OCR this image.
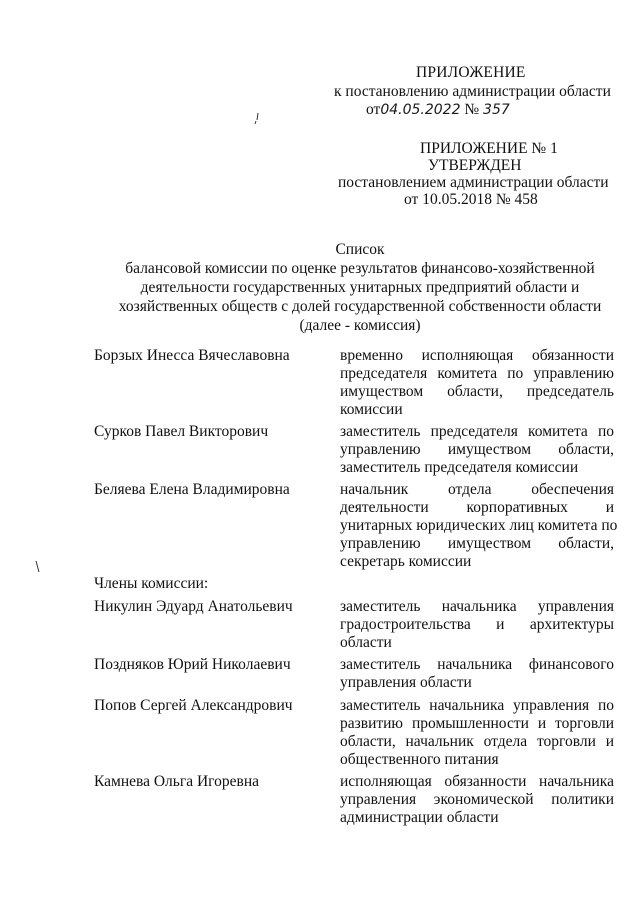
ПРИЛОЖЕНИЕ
к постановлению администрации области
от04.05.2022 № 357
ПРИЛОЖЕНИЕ № 1
УТВЕРЖДЕН
постановлением администрации области
от 10.05.2018 № 458
Список
балансовой комиссии по оценке результатов финансово-хозяйственной
деятельности государственных унитарных предприятий области и
хозяйственных обществ с долей государственной собственности области
(далее - комиссия)
Борзых Инесса Вячеславовна	временно исполняющая обязанности
председателя комитета по управлению
имуществом области, председатель
комиссии
Сурков Павел Викторович	заместитель председателя комитета по
управлению имуществом области,
заместитель председателя комиссии
Беляева Елена Владимировна	начальник отдела обеспечения
деятельности корпоративных и
унитарных юридических лиц комитета по
управлению имуществом области,
секретарь комиссии
Члены комиссии:
Никулин Эдуард Анатольевич	заместитель начальника управления
градостроительства и архитектуры
области
Поздняков Юрий Николаевич	заместитель начальника финансового
управления области
Попов Сергей Александрович	заместитель начальника управления по
развитию промышленности и торговли
области, начальник отдела торговли и
общественного питания
Камнева Ольга Игоревна	исполняющая обязанности начальника
управления экономической политики
администрации области
